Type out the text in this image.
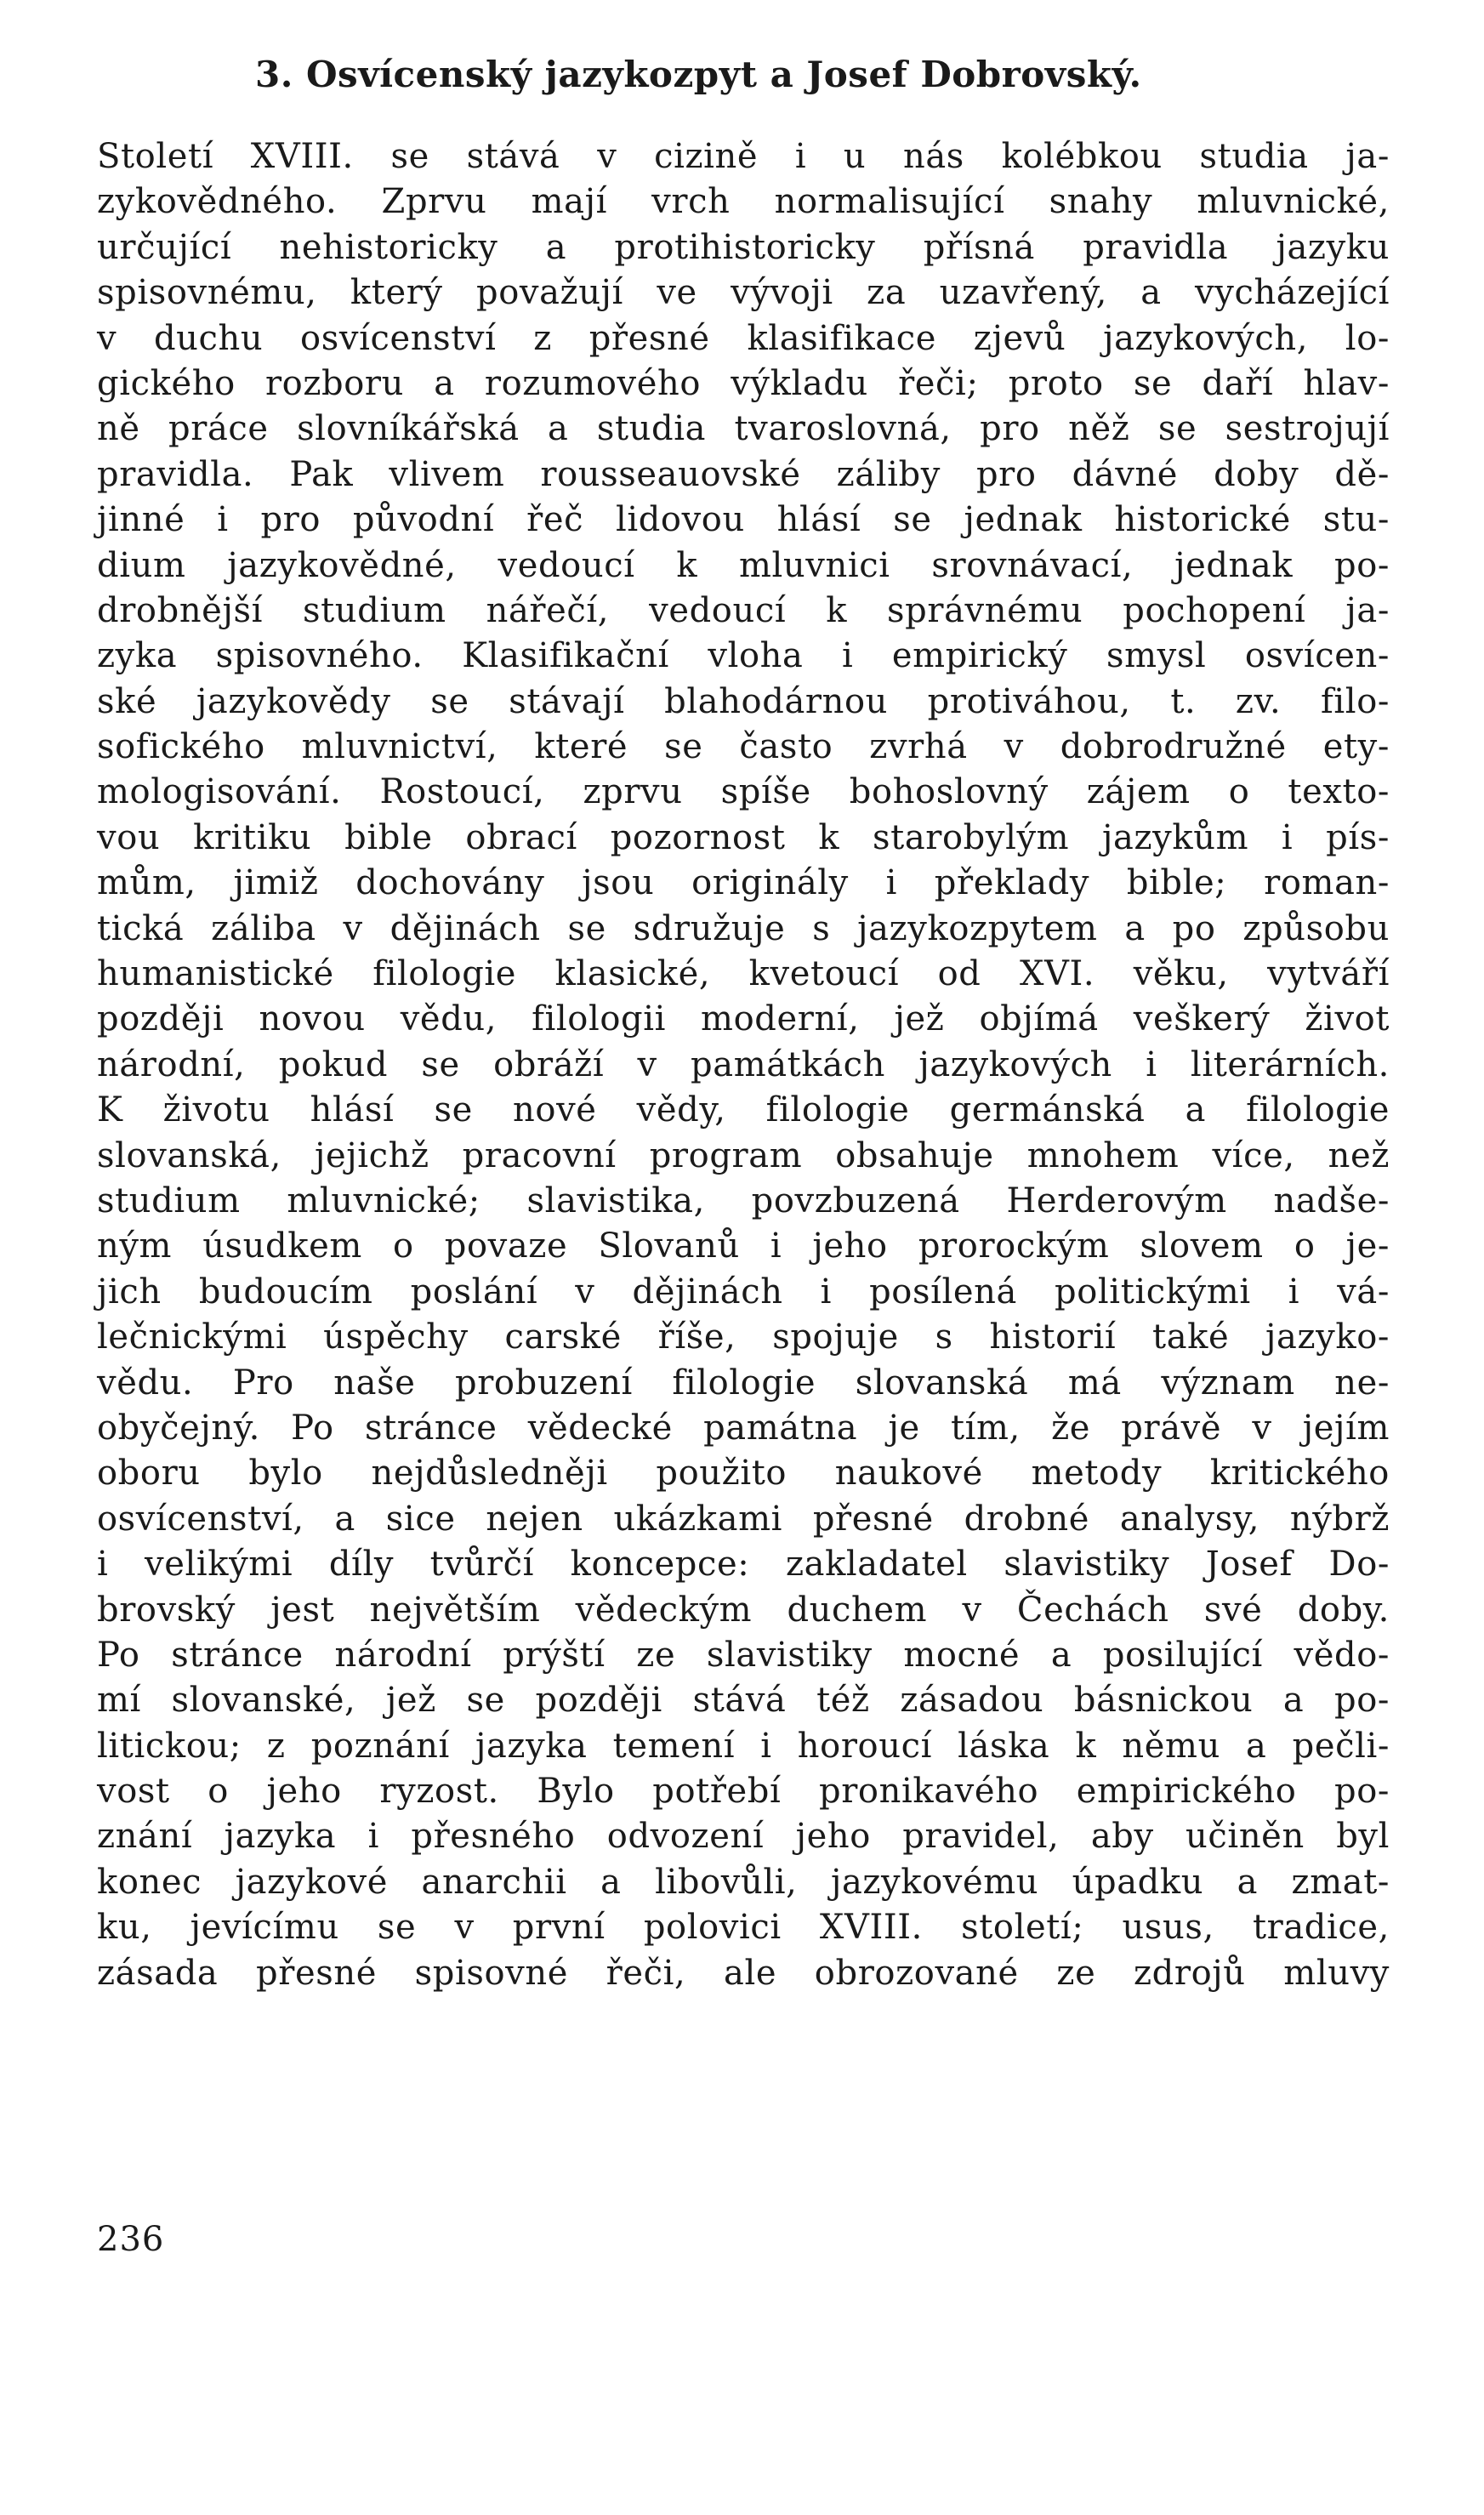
3. Osvícenský jazykozpyt a Josef Dobrovský.
Století XVIII. se stává v cizině i u nás kolébkou studia ja-
zykovědného. Zprvu mají vrch normalisující snahy mluvnické,
určující nehistoricky a protihistoricky přísná pravidla jazyku
spisovnému, který považují ve vývoji za uzavřený, a vycházející
v duchu osvícenství z přesné klasifikace zjevů jazykových, lo-
gického rozboru a rozumového výkladu řeči; proto se daří hlav-
ně práce slovníkářská a studia tvaroslovná, pro něž se sestrojují
pravidla. Pak vlivem rousseauovské záliby pro dávné doby dě-
jinné i pro původní řeč lidovou hlásí se jednak historické stu-
dium jazykovědné, vedoucí k mluvnici srovnávací, jednak po-
drobnější studium nářečí, vedoucí k správnému pochopení ja-
zyka spisovného. Klasifikační vloha i empirický smysl osvícen-
ské jazykovědy se stávají blahodárnou protiváhou, t. zv. filo-
sofického mluvnictví, které se často zvrhá v dobrodružné ety-
mologisování. Rostoucí, zprvu spíše bohoslovný zájem o texto-
vou kritiku bible obrací pozornost k starobylým jazykům i pís-
mům, jimiž dochovány jsou originály i překlady bible; roman-
tická záliba v dějinách se sdružuje s jazykozpytem a po způsobu
humanistické filologie klasické, kvetoucí od XVI. věku, vytváří
později novou vědu, filologii moderní, jež objímá veškerý život
národní, pokud se obráží v památkách jazykových i literárních.
K životu hlásí se nové vědy, filologie germánská a filologie
slovanská, jejichž pracovní program obsahuje mnohem více, než
studium mluvnické; slavistika, povzbuzená Herderovým nadše-
ným úsudkem o povaze Slovanů i jeho prorockým slovem o je-
jich budoucím poslání v dějinách i posílená politickými i vá-
lečnickými úspěchy carské říše, spojuje s historií také jazyko-
vědu. Pro naše probuzení filologie slovanská má význam ne-
obyčejný. Po stránce vědecké památna je tím, že právě v jejím
oboru bylo nejdůsledněji použito naukové metody kritického
osvícenství, a sice nejen ukázkami přesné drobné analysy, nýbrž
i velikými díly tvůrčí koncepce: zakladatel slavistiky Josef Do-
brovský jest největším vědeckým duchem v Čechách své doby.
Po stránce národní prýští ze slavistiky mocné a posilující vědo-
mí slovanské, jež se později stává též zásadou básnickou a po-
litickou; z poznání jazyka temení i horoucí láska k němu a pečli-
vost o jeho ryzost. Bylo potřebí pronikavého empirického po-
znání jazyka i přesného odvození jeho pravidel, aby učiněn byl
konec jazykové anarchii a libovůli, jazykovému úpadku a zmat-
ku, jevícímu se v první polovici XVIII. století; usus, tradice,
zásada přesné spisovné řeči, ale obrozované ze zdrojů mluvy
236
